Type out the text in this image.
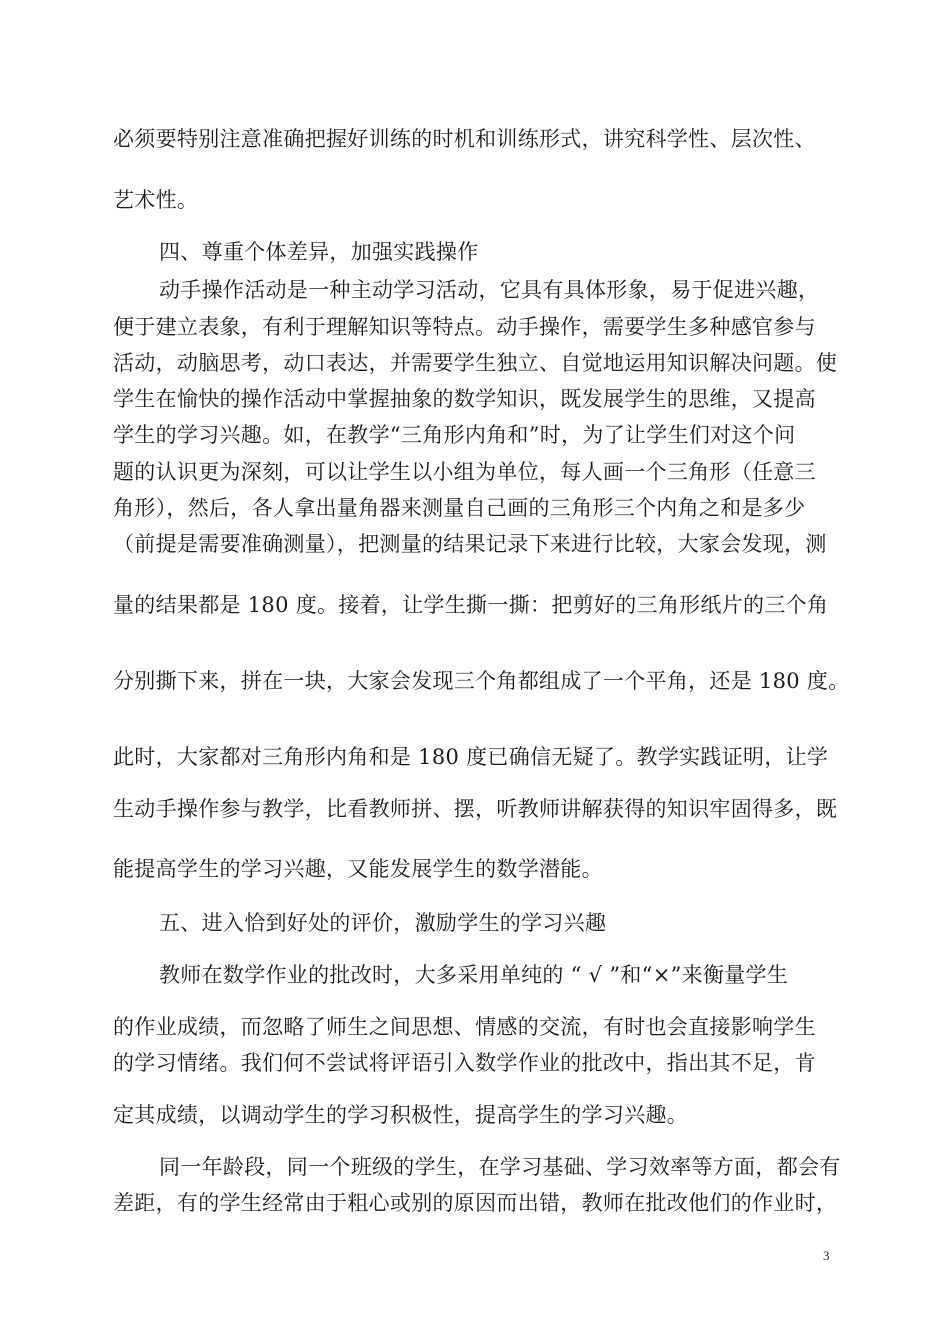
必须要特别注意准确把握好训练的时机和训练形式，讲究科学性、层次性、
艺术性。
四、尊重个体差异，加强实践操作
动手操作活动是一种主动学习活动，它具有具体形象，易于促进兴趣，
便于建立表象，有利于理解知识等特点。动手操作，需要学生多种感官参与
活动，动脑思考，动口表达，并需要学生独立、自觉地运用知识解决问题。使
学生在愉快的操作活动中掌握抽象的数学知识，既发展学生的思维，又提高
学生的学习兴趣。如，在教学“三角形内角和”时，为了让学生们对这个问
题的认识更为深刻，可以让学生以小组为单位，每人画一个三角形（任意三
角形），然后，各人拿出量角器来测量自己画的三角形三个内角之和是多少
（前提是需要准确测量），把测量的结果记录下来进行比较，大家会发现，测
量的结果都是 180 度。接着，让学生撕一撕：把剪好的三角形纸片的三个角
分别撕下来，拼在一块，大家会发现三个角都组成了一个平角，还是 180 度。
此时，大家都对三角形内角和是 180 度已确信无疑了。教学实践证明，让学
生动手操作参与教学，比看教师拼、摆，听教师讲解获得的知识牢固得多，既
能提高学生的学习兴趣，又能发展学生的数学潜能。
五、进入恰到好处的评价，激励学生的学习兴趣
教师在数学作业的批改时，大多采用单纯的 “ √ ”和“×”来衡量学生
的作业成绩，而忽略了师生之间思想、情感的交流，有时也会直接影响学生
的学习情绪。我们何不尝试将评语引入数学作业的批改中，指出其不足，肯
定其成绩，以调动学生的学习积极性，提高学生的学习兴趣。
同一年龄段，同一个班级的学生，在学习基础、学习效率等方面，都会有
差距，有的学生经常由于粗心或别的原因而出错，教师在批改他们的作业时，
3
